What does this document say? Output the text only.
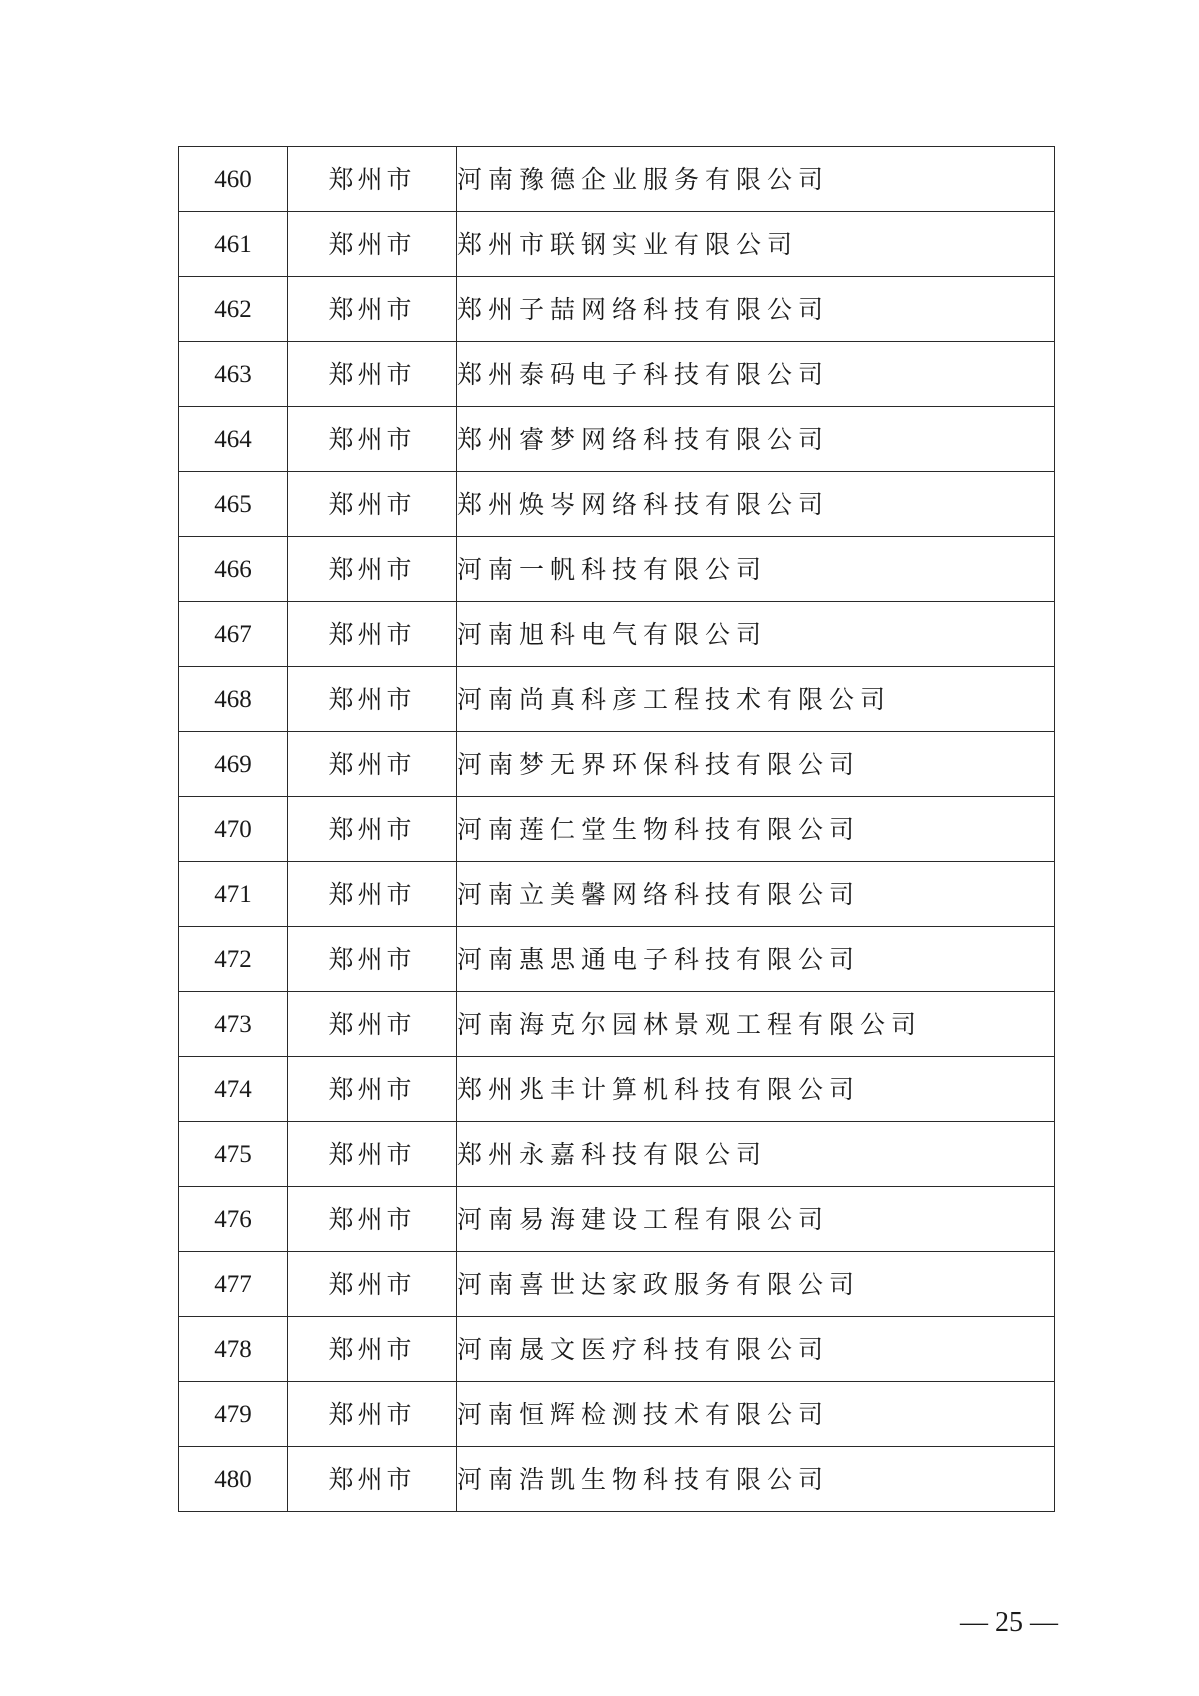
460	郑州市	河南豫德企业服务有限公司
461	郑州市	郑州市联钢实业有限公司
462	郑州市	郑州子喆网络科技有限公司
463	郑州市	郑州泰码电子科技有限公司
464	郑州市	郑州睿梦网络科技有限公司
465	郑州市	郑州焕岑网络科技有限公司
466	郑州市	河南一帆科技有限公司
467	郑州市	河南旭科电气有限公司
468	郑州市	河南尚真科彦工程技术有限公司
469	郑州市	河南梦无界环保科技有限公司
470	郑州市	河南莲仁堂生物科技有限公司
471	郑州市	河南立美馨网络科技有限公司
472	郑州市	河南惠思通电子科技有限公司
473	郑州市	河南海克尔园林景观工程有限公司
474	郑州市	郑州兆丰计算机科技有限公司
475	郑州市	郑州永嘉科技有限公司
476	郑州市	河南易海建设工程有限公司
477	郑州市	河南喜世达家政服务有限公司
478	郑州市	河南晟文医疗科技有限公司
479	郑州市	河南恒辉检测技术有限公司
480	郑州市	河南浩凯生物科技有限公司
— 25 —
